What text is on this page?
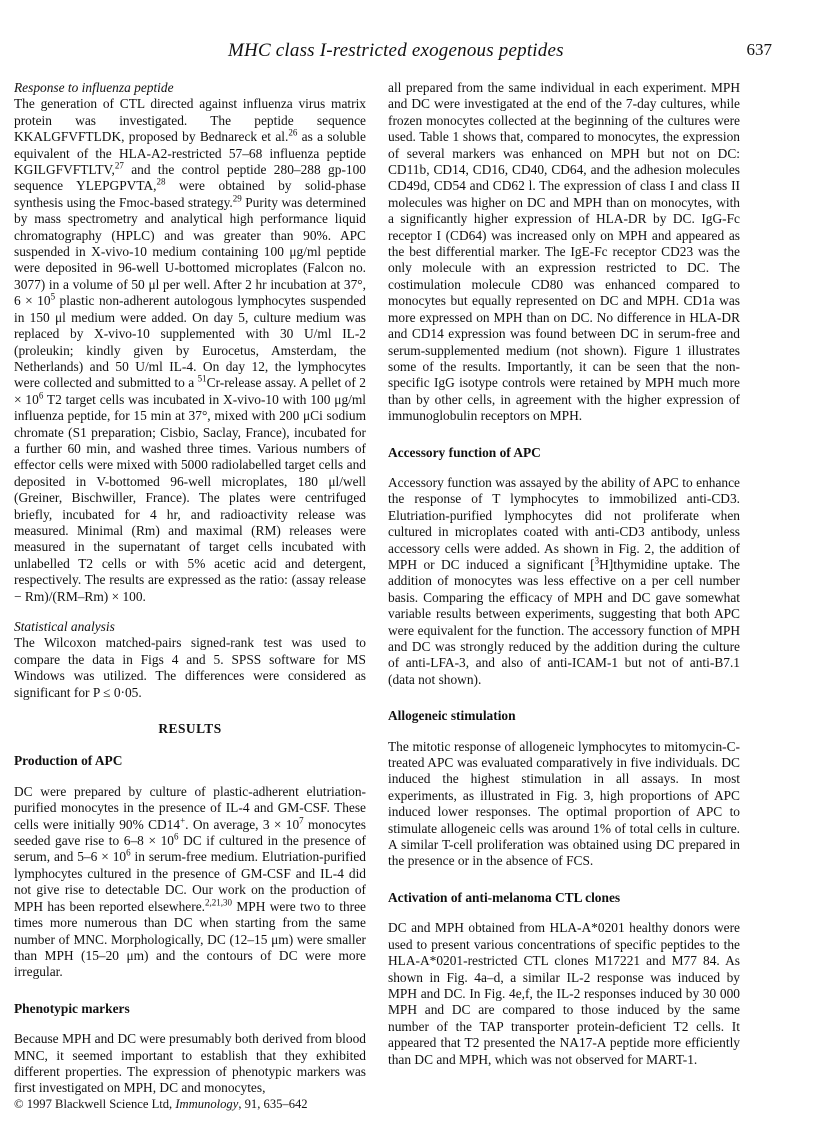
MHC class I-restricted exogenous peptides	637

Response to influenza peptide

The generation of CTL directed against influenza virus matrix protein was investigated. The peptide sequence KKALGFVFTLDK, proposed by Bednareck et al.$^{26}$ as a soluble equivalent of the HLA-A2-restricted 57–68 influenza peptide KGILGFVFTLTV,$^{27}$ and the control peptide 280–288 gp-100 sequence YLEPGPVTA,$^{28}$ were obtained by solid-phase synthesis using the Fmoc-based strategy.$^{29}$ Purity was determined by mass spectrometry and analytical high performance liquid chromatography (HPLC) and was greater than 90%. APC suspended in X-vivo-10 medium containing 100 μg/ml peptide were deposited in 96-well U-bottomed microplates (Falcon no. 3077) in a volume of 50 μl per well. After 2 hr incubation at 37°, $6 \times 10^5$ plastic non-adherent autologous lymphocytes suspended in 150 μl medium were added. On day 5, culture medium was replaced by X-vivo-10 supplemented with 30 U/ml IL-2 (proleukin; kindly given by Eurocetus, Amsterdam, the Netherlands) and 50 U/ml IL-4. On day 12, the lymphocytes were collected and submitted to a $^{51}$Cr-release assay. A pellet of $2 \times 10^6$ T2 target cells was incubated in X-vivo-10 with 100 μg/ml influenza peptide, for 15 min at 37°, mixed with 200 μCi sodium chromate (S1 preparation; Cisbio, Saclay, France), incubated for a further 60 min, and washed three times. Various numbers of effector cells were mixed with 5000 radiolabelled target cells and deposited in V-bottomed 96-well microplates, 180 μl/well (Greiner, Bischwiller, France). The plates were centrifuged briefly, incubated for 4 hr, and radioactivity release was measured. Minimal (Rm) and maximal (RM) releases were measured in the supernatant of target cells incubated with unlabelled T2 cells or with 5% acetic acid and detergent, respectively. The results are expressed as the ratio: (assay release − Rm)/(RM–Rm) × 100.

Statistical analysis

The Wilcoxon matched-pairs signed-rank test was used to compare the data in Figs 4 and 5. SPSS software for MS Windows was utilized. The differences were considered as significant for P ≤ 0·05.

RESULTS

Production of APC

DC were prepared by culture of plastic-adherent elutriation-purified monocytes in the presence of IL-4 and GM-CSF. These cells were initially 90% CD14+. On average, $3 \times 10^7$ monocytes seeded gave rise to $6-8 \times 10^6$ DC if cultured in the presence of serum, and $5-6 \times 10^6$ in serum-free medium. Elutriation-purified lymphocytes cultured in the presence of GM-CSF and IL-4 did not give rise to detectable DC. Our work on the production of MPH has been reported elsewhere.$^{2,21,30}$ MPH were two to three times more numerous than DC when starting from the same number of MNC. Morphologically, DC (12–15 μm) were smaller than MPH (15–20 μm) and the contours of DC were more irregular.

Phenotypic markers

Because MPH and DC were presumably both derived from blood MNC, it seemed important to establish that they exhibited different properties. The expression of phenotypic markers was first investigated on MPH, DC and monocytes,

all prepared from the same individual in each experiment. MPH and DC were investigated at the end of the 7-day cultures, while frozen monocytes collected at the beginning of the cultures were used. Table 1 shows that, compared to monocytes, the expression of several markers was enhanced on MPH but not on DC: CD11b, CD14, CD16, CD40, CD64, and the adhesion molecules CD49d, CD54 and CD62 l. The expression of class I and class II molecules was higher on DC and MPH than on monocytes, with a significantly higher expression of HLA-DR by DC. IgG-Fc receptor I (CD64) was increased only on MPH and appeared as the best differential marker. The IgE-Fc receptor CD23 was the only molecule with an expression restricted to DC. The costimulation molecule CD80 was enhanced compared to monocytes but equally represented on DC and MPH. CD1a was more expressed on MPH than on DC. No difference in HLA-DR and CD14 expression was found between DC in serum-free and serum-supplemented medium (not shown). Figure 1 illustrates some of the results. Importantly, it can be seen that the non-specific IgG isotype controls were retained by MPH much more than by other cells, in agreement with the higher expression of immunoglobulin receptors on MPH.

Accessory function of APC

Accessory function was assayed by the ability of APC to enhance the response of T lymphocytes to immobilized anti-CD3. Elutriation-purified lymphocytes did not proliferate when cultured in microplates coated with anti-CD3 antibody, unless accessory cells were added. As shown in Fig. 2, the addition of MPH or DC induced a significant [$^3$H]thymidine uptake. The addition of monocytes was less effective on a per cell number basis. Comparing the efficacy of MPH and DC gave somewhat variable results between experiments, suggesting that both APC were equivalent for the function. The accessory function of MPH and DC was strongly reduced by the addition during the culture of anti-LFA-3, and also of anti-ICAM-1 but not of anti-B7.1 (data not shown).

Allogeneic stimulation

The mitotic response of allogeneic lymphocytes to mitomycin-C-treated APC was evaluated comparatively in five individuals. DC induced the highest stimulation in all assays. In most experiments, as illustrated in Fig. 3, high proportions of APC induced lower responses. The optimal proportion of APC to stimulate allogeneic cells was around 1% of total cells in culture. A similar T-cell proliferation was obtained using DC prepared in the presence or in the absence of FCS.

Activation of anti-melanoma CTL clones

DC and MPH obtained from HLA-A*0201 healthy donors were used to present various concentrations of specific peptides to the HLA-A*0201-restricted CTL clones M17221 and M77 84. As shown in Fig. 4a–d, a similar IL-2 response was induced by MPH and DC. In Fig. 4e,f, the IL-2 responses induced by 30 000 MPH and DC are compared to those induced by the same number of the TAP transporter protein-deficient T2 cells. It appeared that T2 presented the NA17-A peptide more efficiently than DC and MPH, which was not observed for MART-1.

© 1997 Blackwell Science Ltd, Immunology, 91, 635–642
